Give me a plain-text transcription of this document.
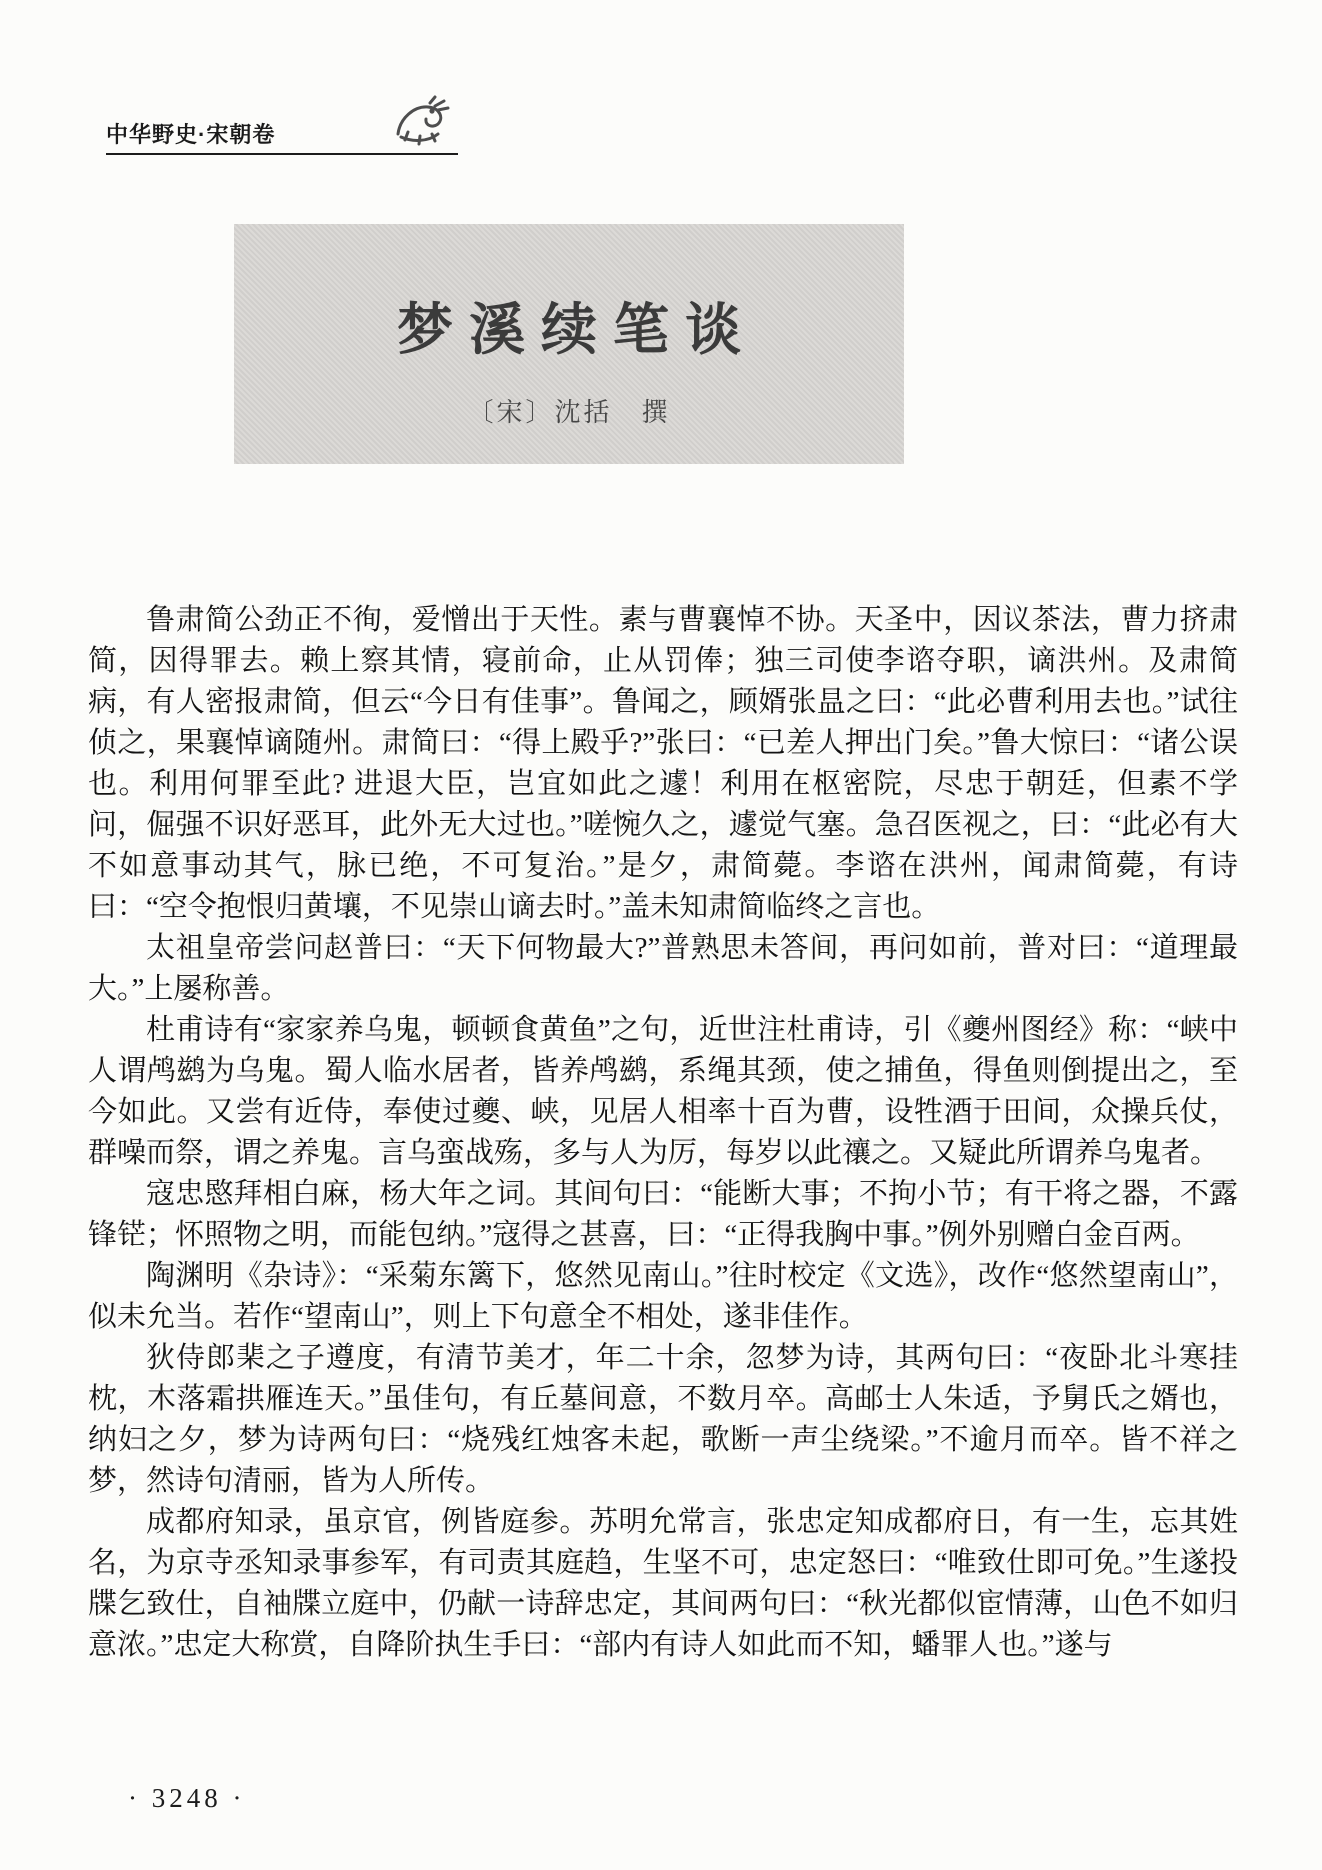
中华野史·宋朝卷
梦溪续笔谈
〔宋〕沈括　撰

鲁肃简公劲正不徇，爱憎出于天性。素与曹襄悼不协。天圣中，因议茶法，曹力挤肃简，因得罪去。赖上察其情，寝前命，止从罚俸；独三司使李谘夺职，谪洪州。及肃简病，有人密报肃简，但云“今日有佳事”。鲁闻之，顾婿张昷之曰：“此必曹利用去也。”试往侦之，果襄悼谪随州。肃简曰：“得上殿乎?”张曰：“已差人押出门矣。”鲁大惊曰：“诸公误也。利用何罪至此? 进退大臣，岂宜如此之遽！利用在枢密院，尽忠于朝廷，但素不学问，倔强不识好恶耳，此外无大过也。”嗟惋久之，遽觉气塞。急召医视之，曰：“此必有大不如意事动其气，脉已绝，不可复治。”是夕，肃简薨。李谘在洪州，闻肃简薨，有诗曰：“空令抱恨归黄壤，不见崇山谪去时。”盖未知肃简临终之言也。

太祖皇帝尝问赵普曰：“天下何物最大?”普熟思未答间，再问如前，普对曰：“道理最大。”上屡称善。

杜甫诗有“家家养乌鬼，顿顿食黄鱼”之句，近世注杜甫诗，引《夔州图经》称：“峡中人谓鸬鹚为乌鬼。蜀人临水居者，皆养鸬鹚，系绳其颈，使之捕鱼，得鱼则倒提出之，至今如此。又尝有近侍，奉使过夔、峡，见居人相率十百为曹，设牲酒于田间，众操兵仗，群噪而祭，谓之养鬼。言乌蛮战殇，多与人为厉，每岁以此禳之。又疑此所谓养乌鬼者。

寇忠愍拜相白麻，杨大年之词。其间句曰：“能断大事；不拘小节；有干将之器，不露锋铓；怀照物之明，而能包纳。”寇得之甚喜，曰：“正得我胸中事。”例外别赠白金百两。

陶渊明《杂诗》：“采菊东篱下，悠然见南山。”往时校定《文选》，改作“悠然望南山”，似未允当。若作“望南山”，则上下句意全不相处，遂非佳作。

狄侍郎棐之子遵度，有清节美才，年二十余，忽梦为诗，其两句曰：“夜卧北斗寒挂枕，木落霜拱雁连天。”虽佳句，有丘墓间意，不数月卒。高邮士人朱适，予舅氏之婿也，纳妇之夕，梦为诗两句曰：“烧残红烛客未起，歌断一声尘绕梁。”不逾月而卒。皆不祥之梦，然诗句清丽，皆为人所传。

成都府知录，虽京官，例皆庭参。苏明允常言，张忠定知成都府日，有一生，忘其姓名，为京寺丞知录事参军，有司责其庭趋，生坚不可，忠定怒曰：“唯致仕即可免。”生遂投牒乞致仕，自袖牒立庭中，仍献一诗辞忠定，其间两句曰：“秋光都似宦情薄，山色不如归意浓。”忠定大称赏，自降阶执生手曰：“部内有诗人如此而不知，蟠罪人也。”遂与

· 3248 ·
